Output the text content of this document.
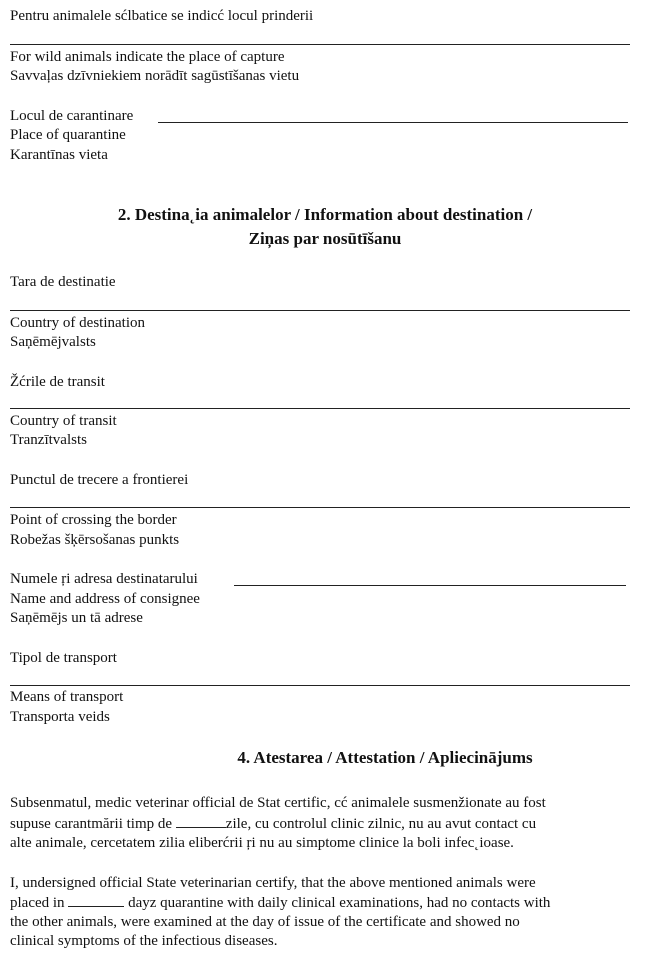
Pentru animalele sćlbatice se indicć locul prinderii
For wild animals indicate the place of capture
Savvaļas dzīvniekiem norādīt sagūstīšanas vietu
Locul de carantinare
Place of quarantine
Karantīnas vieta
2. Destina˛ia animalelor / Information about destination /
Ziņas par nosūtīšanu
Tara de destinatie
Country of destination
Saņēmējvalsts
Žćrile de transit
Country of transit
Tranzītvalsts
Punctul de trecere a frontierei
Point of crossing the border
Robežas šķērsošanas punkts
Numele ŗi adresa destinatarului
Name and address of consignee
Saņēmējs un tā adrese
Tipol de transport
Means of transport
Transporta veids
4. Atestarea / Attestation / Apliecinājums
Subsenmatul, medic veterinar official de Stat certific, cć animalele susmenžionate au fost
supuse carantmării timp de	zile, cu controlul clinic zilnic, nu au avut contact cu
alte animale, cercetatem zilia eliberćrii ŗi nu au simptome clinice la boli infec˛ioase.
I, undersigned official State veterinarian certify, that the above mentioned animals were
placed in	dayz quarantine with daily clinical examinations, had no contacts with
the other animals, were examined at the day of issue of the certificate and showed no
clinical symptoms of the infectious diseases.
